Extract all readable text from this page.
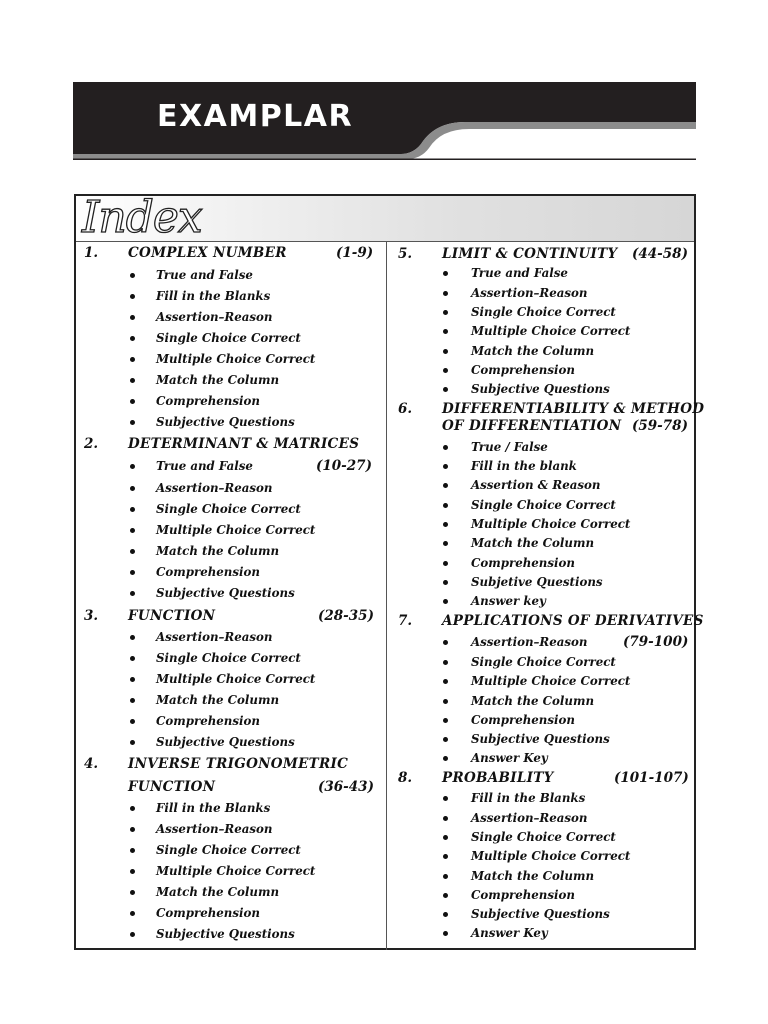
EXAMPLAR
Index
1. COMPLEX NUMBER	(1-9)
True and False
Fill in the Blanks
Assertion–Reason
Single Choice Correct
Multiple Choice Correct
Match the Column
Comprehension
Subjective Questions
2. DETERMINANT & MATRICES
True and False	(10-27)
Assertion–Reason
Single Choice Correct
Multiple Choice Correct
Match the Column
Comprehension
Subjective Questions
3. FUNCTION	(28-35)
Assertion–Reason
Single Choice Correct
Multiple Choice Correct
Match the Column
Comprehension
Subjective Questions
4. INVERSE TRIGONOMETRIC
FUNCTION	(36-43)
Fill in the Blanks
Assertion–Reason
Single Choice Correct
Multiple Choice Correct
Match the Column
Comprehension
Subjective Questions
5. LIMIT & CONTINUITY (44-58)
True and False
Assertion–Reason
Single Choice Correct
Multiple Choice Correct
Match the Column
Comprehension
Subjective Questions
6. DIFFERENTIABILITY & METHOD
OF DIFFERENTIATION (59-78)
True / False
Fill in the blank
Assertion & Reason
Single Choice Correct
Multiple Choice Correct
Match the Column
Comprehension
Subjetive Questions
Answer key
7. APPLICATIONS OF DERIVATIVES
Assertion–Reason	(79-100)
Single Choice Correct
Multiple Choice Correct
Match the Column
Comprehension
Subjective Questions
Answer Key
8. PROBABILITY	(101-107)
Fill in the Blanks
Assertion–Reason
Single Choice Correct
Multiple Choice Correct
Match the Column
Comprehension
Subjective Questions
Answer Key
